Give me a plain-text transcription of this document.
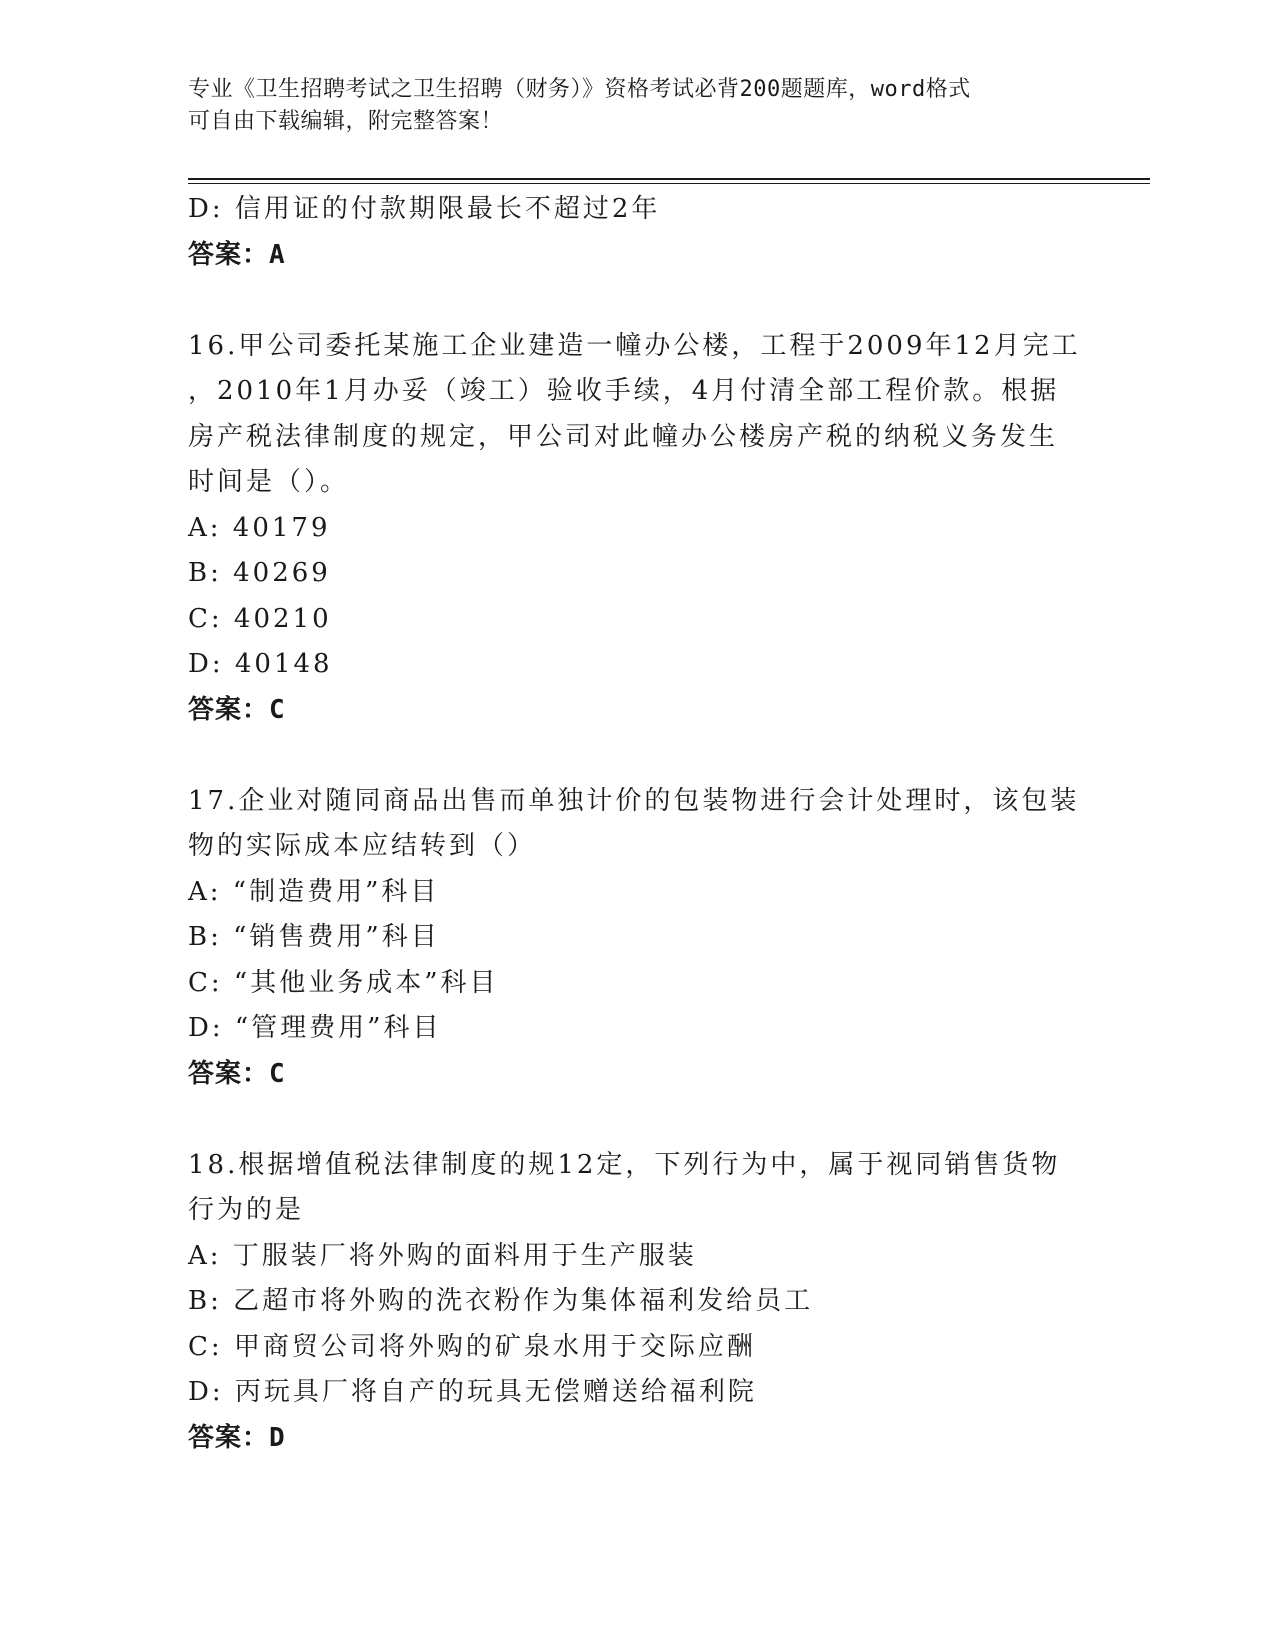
专业《卫生招聘考试之卫生招聘（财务）》资格考试必背200题题库，word格式
可自由下载编辑，附完整答案！
D: 信用证的付款期限最长不超过2年
答案：A
16.甲公司委托某施工企业建造一幢办公楼，工程于2009年12月完工
，2010年1月办妥（竣工）验收手续，4月付清全部工程价款。根据
房产税法律制度的规定，甲公司对此幢办公楼房产税的纳税义务发生
时间是（）。
A: 40179
B: 40269
C: 40210
D: 40148
答案：C
17.企业对随同商品出售而单独计价的包装物进行会计处理时，该包装
物的实际成本应结转到（）
A: “制造费用”科目
B: “销售费用”科目
C: “其他业务成本”科目
D: “管理费用”科目
答案：C
18.根据增值税法律制度的规12定，下列行为中，属于视同销售货物
行为的是
A: 丁服装厂将外购的面料用于生产服装
B: 乙超市将外购的洗衣粉作为集体福利发给员工
C: 甲商贸公司将外购的矿泉水用于交际应酬
D: 丙玩具厂将自产的玩具无偿赠送给福利院
答案：D
